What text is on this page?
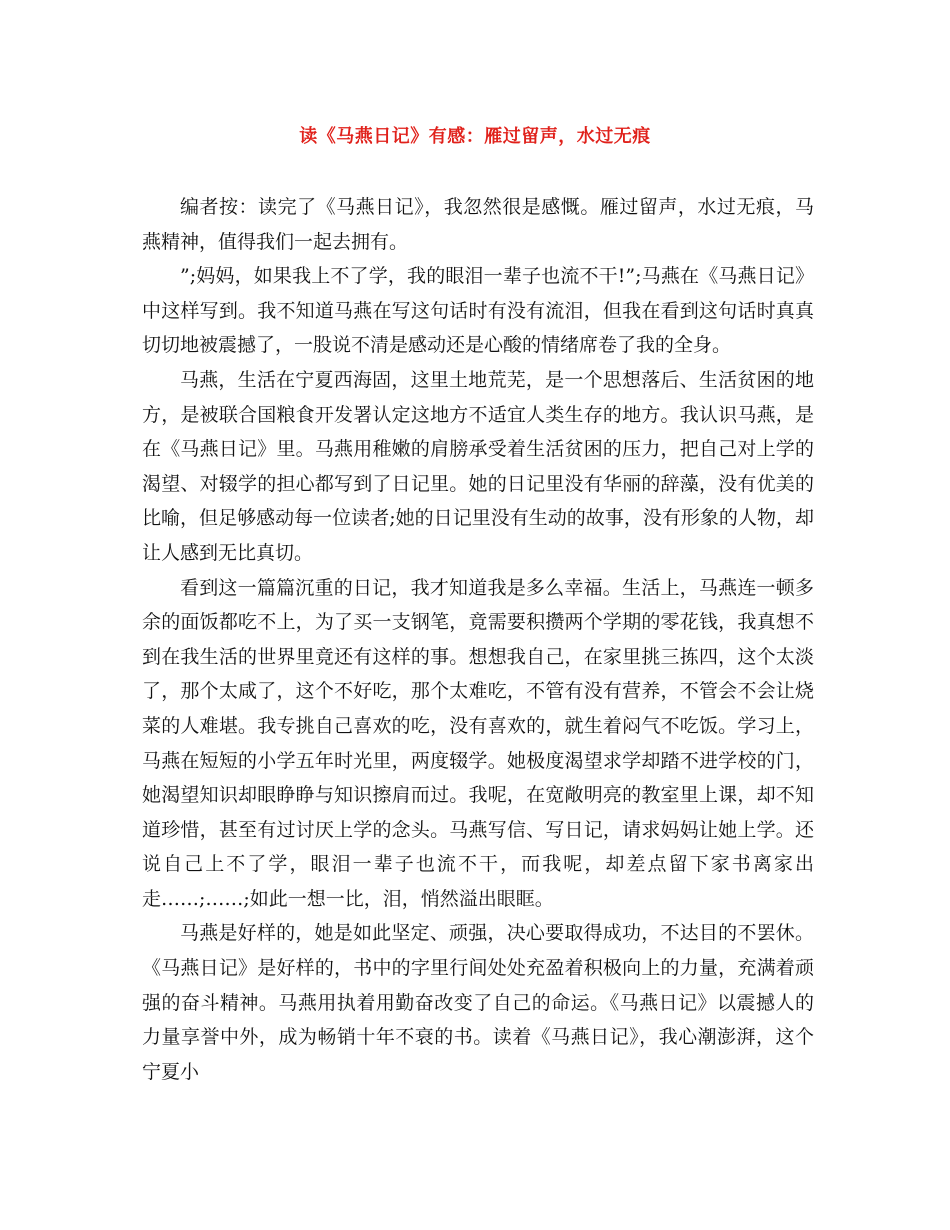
读《马燕日记》有感：雁过留声，水过无痕

编者按：读完了《马燕日记》，我忽然很是感慨。雁过留声，水过无痕，马燕精神，值得我们一起去拥有。

”;妈妈，如果我上不了学，我的眼泪一辈子也流不干!”;马燕在《马燕日记》中这样写到。我不知道马燕在写这句话时有没有流泪，但我在看到这句话时真真切切地被震撼了，一股说不清是感动还是心酸的情绪席卷了我的全身。

马燕，生活在宁夏西海固，这里土地荒芜，是一个思想落后、生活贫困的地方，是被联合国粮食开发署认定这地方不适宜人类生存的地方。我认识马燕，是在《马燕日记》里。马燕用稚嫩的肩膀承受着生活贫困的压力，把自己对上学的渴望、对辍学的担心都写到了日记里。她的日记里没有华丽的辞藻，没有优美的比喻，但足够感动每一位读者;她的日记里没有生动的故事，没有形象的人物，却让人感到无比真切。

看到这一篇篇沉重的日记，我才知道我是多么幸福。生活上，马燕连一顿多余的面饭都吃不上，为了买一支钢笔，竟需要积攒两个学期的零花钱，我真想不到在我生活的世界里竟还有这样的事。想想我自己，在家里挑三拣四，这个太淡了，那个太咸了，这个不好吃，那个太难吃，不管有没有营养，不管会不会让烧菜的人难堪。我专挑自己喜欢的吃，没有喜欢的，就生着闷气不吃饭。学习上，马燕在短短的小学五年时光里，两度辍学。她极度渴望求学却踏不进学校的门，她渴望知识却眼睁睁与知识擦肩而过。我呢，在宽敞明亮的教室里上课，却不知道珍惜，甚至有过讨厌上学的念头。马燕写信、写日记，请求妈妈让她上学。还说自己上不了学，眼泪一辈子也流不干，而我呢，却差点留下家书离家出走……;……;如此一想一比，泪，悄然溢出眼眶。

马燕是好样的，她是如此坚定、顽强，决心要取得成功，不达目的不罢休。《马燕日记》是好样的，书中的字里行间处处充盈着积极向上的力量，充满着顽强的奋斗精神。马燕用执着用勤奋改变了自己的命运。《马燕日记》以震撼人的力量享誉中外，成为畅销十年不衰的书。读着《马燕日记》，我心潮澎湃，这个宁夏小
